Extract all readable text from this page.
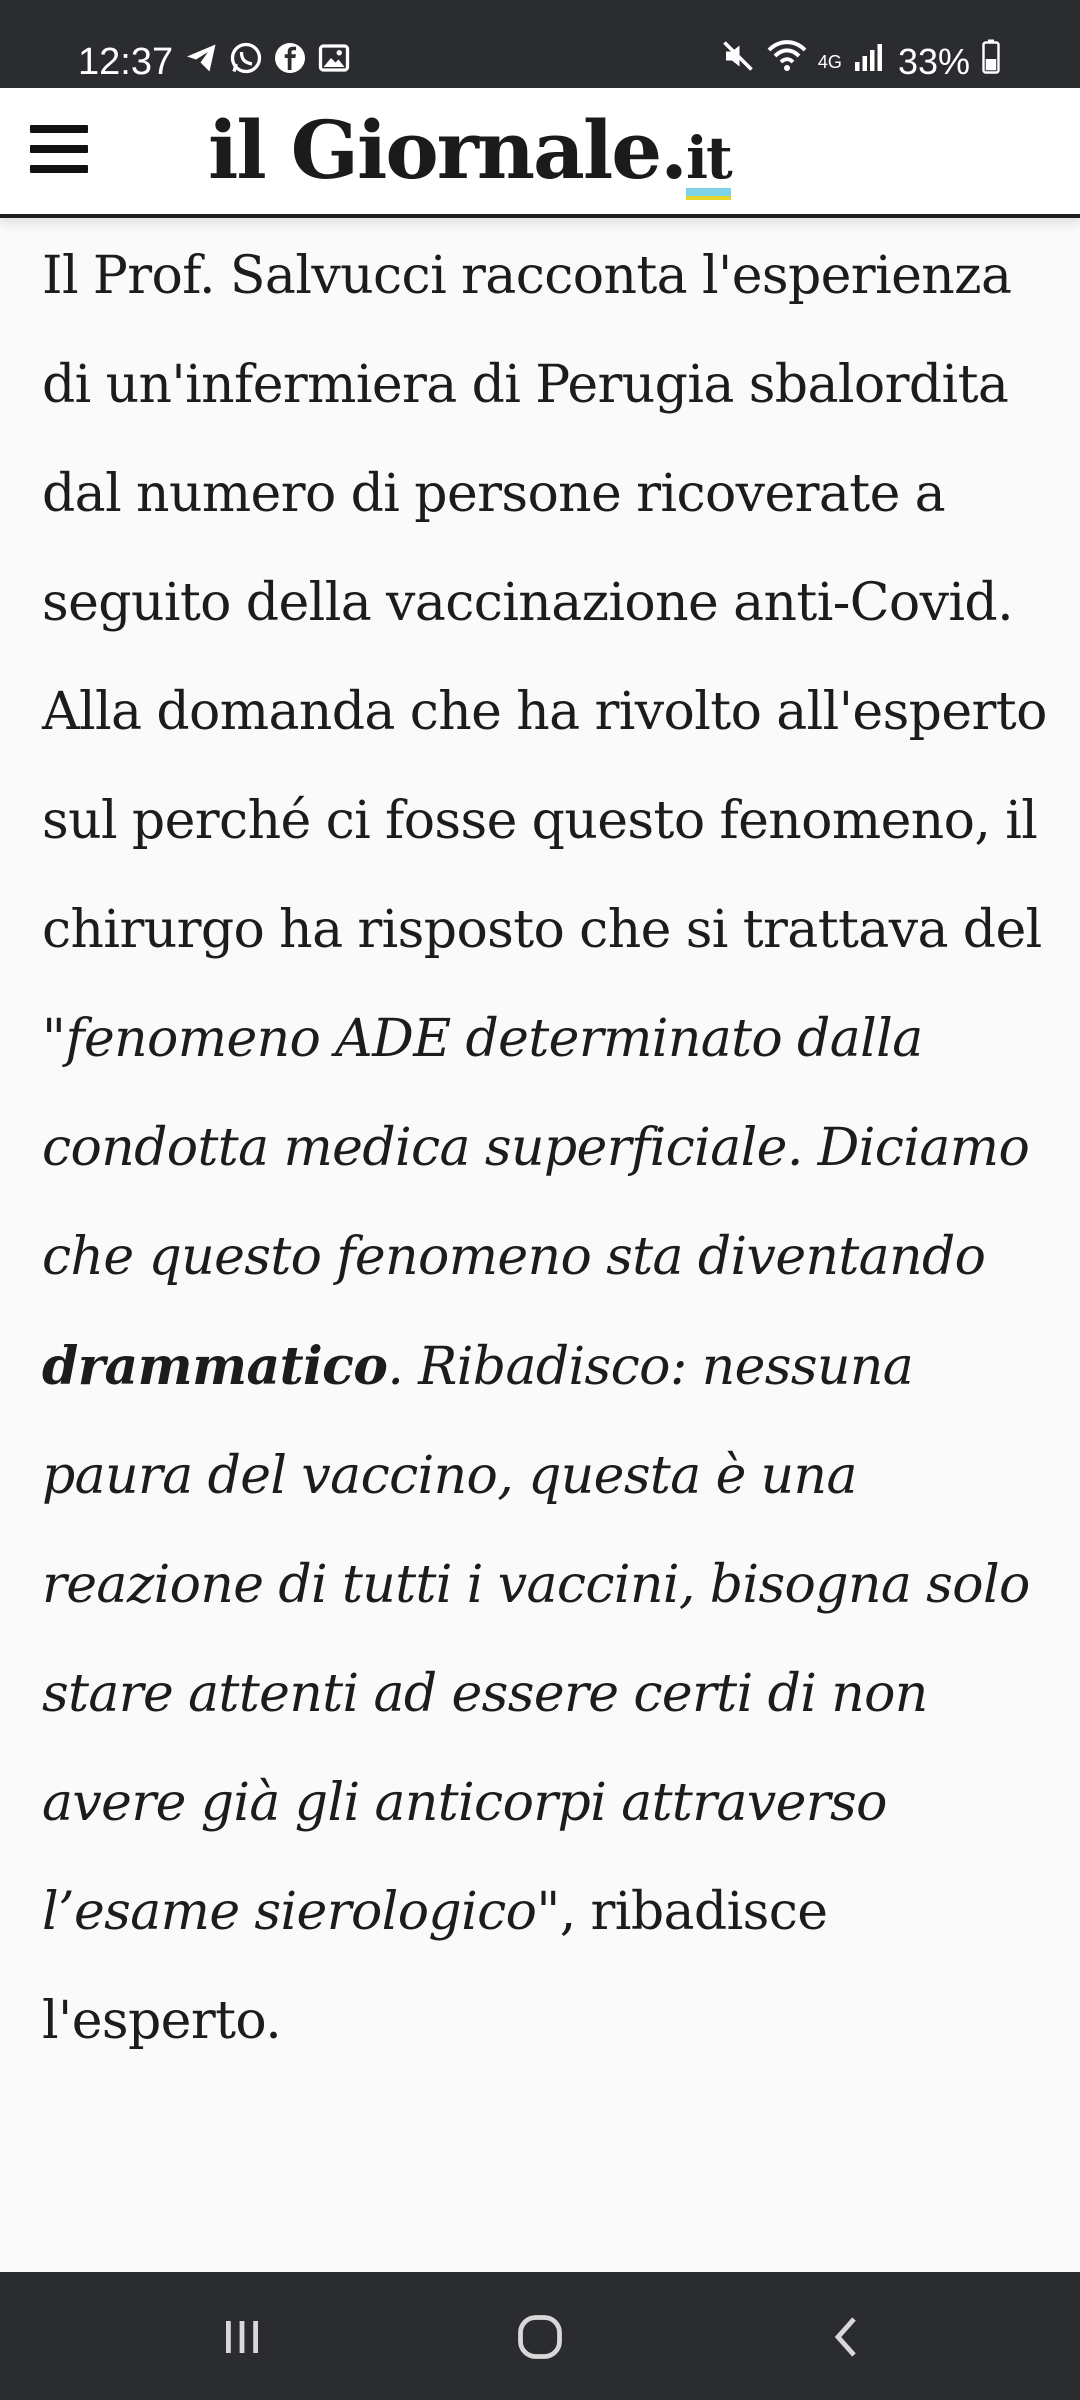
12:37	4G 33%
il Giornale.it

Il Prof. Salvucci racconta l'esperienza di un'infermiera di Perugia sbalordita dal numero di persone ricoverate a seguito della vaccinazione anti-Covid. Alla domanda che ha rivolto all'esperto sul perché ci fosse questo fenomeno, il chirurgo ha risposto che si trattava del "fenomeno ADE determinato dalla condotta medica superficiale. Diciamo che questo fenomeno sta diventando drammatico. Ribadisco: nessuna paura del vaccino, questa è una reazione di tutti i vaccini, bisogna solo stare attenti ad essere certi di non avere già gli anticorpi attraverso l’esame sierologico", ribadisce l'esperto.
